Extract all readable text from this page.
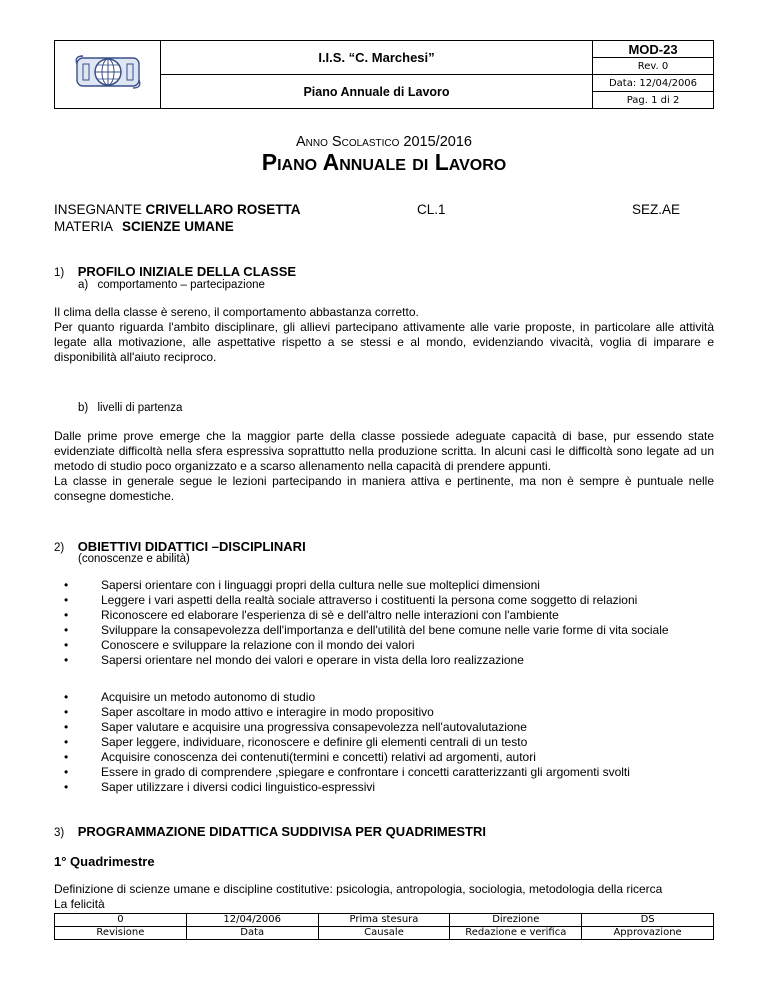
	I.I.S. “C. Marchesi”	MOD-23
		Rev. 0
	Piano Annuale di Lavoro	Data: 12/04/2006
		Pag. 1 di 2
Anno Scolastico 2015/2016
Piano Annuale di Lavoro
INSEGNANTE CRIVELLARO ROSETTA	CL.1	SEZ.AE
MATERIA SCIENZE UMANE
1) PROFILO INIZIALE DELLA CLASSE
a) comportamento – partecipazione
Il clima della classe è sereno, il comportamento abbastanza corretto.
Per quanto riguarda l'ambito disciplinare, gli allievi partecipano attivamente alle varie proposte, in particolare alle attività legate alla motivazione, alle aspettative rispetto a se stessi e al mondo, evidenziando vivacità, voglia di imparare e disponibilità all'aiuto reciproco.
b) livelli di partenza
Dalle prime prove emerge che la maggior parte della classe possiede adeguate capacità di base, pur essendo state evidenziate difficoltà nella sfera espressiva soprattutto nella produzione scritta. In alcuni casi le difficoltà sono legate ad un metodo di studio poco organizzato e a scarso allenamento nella capacità di prendere appunti.
La classe in generale segue le lezioni partecipando in maniera attiva e pertinente, ma non è sempre è puntuale nelle consegne domestiche.
2) OBIETTIVI DIDATTICI –DISCIPLINARI
(conoscenze e abilità)
• Sapersi orientare con i linguaggi propri della cultura nelle sue molteplici dimensioni
• Leggere i vari aspetti della realtà sociale attraverso i costituenti la persona come soggetto di relazioni
• Riconoscere ed elaborare l'esperienza di sè e dell'altro nelle interazioni con l'ambiente
• Sviluppare la consapevolezza dell'importanza e dell'utilità del bene comune nelle varie forme di vita sociale
• Conoscere e sviluppare la relazione con il mondo dei valori
• Sapersi orientare nel mondo dei valori e operare in vista della loro realizzazione
• Acquisire un metodo autonomo di studio
• Saper ascoltare in modo attivo e interagire in modo propositivo
• Saper valutare e acquisire una progressiva consapevolezza nell'autovalutazione
• Saper leggere, individuare, riconoscere e definire gli elementi centrali di un testo
• Acquisire conoscenza dei contenuti(termini e concetti) relativi ad argomenti, autori
• Essere in grado di comprendere ,spiegare e confrontare i concetti caratterizzanti gli argomenti svolti
• Saper utilizzare i diversi codici linguistico-espressivi
3) PROGRAMMAZIONE DIDATTICA SUDDIVISA PER QUADRIMESTRI
1° Quadrimestre
Definizione di scienze umane e discipline costitutive: psicologia, antropologia, sociologia, metodologia della ricerca
La felicità
0	12/04/2006	Prima stesura	Direzione	DS
Revisione	Data	Causale	Redazione e verifica	Approvazione
